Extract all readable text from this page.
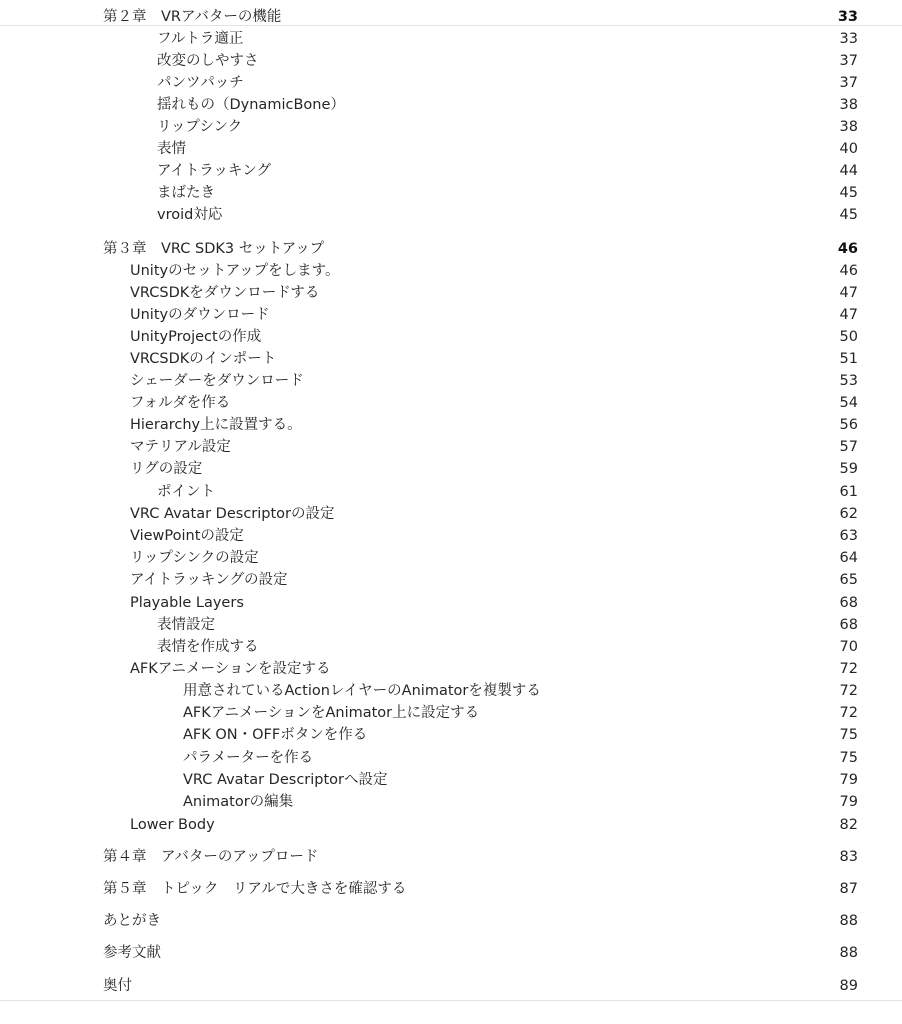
第２章　VRアバターの機能	33
フルトラ適正	33
改変のしやすさ	37
パンツパッチ	37
揺れもの（DynamicBone）	38
リップシンク	38
表情	40
アイトラッキング	44
まばたき	45
vroid対応	45
第３章　VRC SDK3 セットアップ	46
Unityのセットアップをします。	46
VRCSDKをダウンロードする	47
Unityのダウンロード	47
UnityProjectの作成	50
VRCSDKのインポート	51
シェーダーをダウンロード	53
フォルダを作る	54
Hierarchy上に設置する。	56
マテリアル設定	57
リグの設定	59
ポイント	61
VRC Avatar Descriptorの設定	62
ViewPointの設定	63
リップシンクの設定	64
アイトラッキングの設定	65
Playable Layers	68
表情設定	68
表情を作成する	70
AFKアニメーションを設定する	72
用意されているActionレイヤーのAnimatorを複製する	72
AFKアニメーションをAnimator上に設定する	72
AFK ON・OFFボタンを作る	75
パラメーターを作る	75
VRC Avatar Descriptorへ設定	79
Animatorの編集	79
Lower Body	82
第４章　アバターのアップロード	83
第５章　トピック　リアルで大きさを確認する	87
あとがき	88
参考文献	88
奥付	89
